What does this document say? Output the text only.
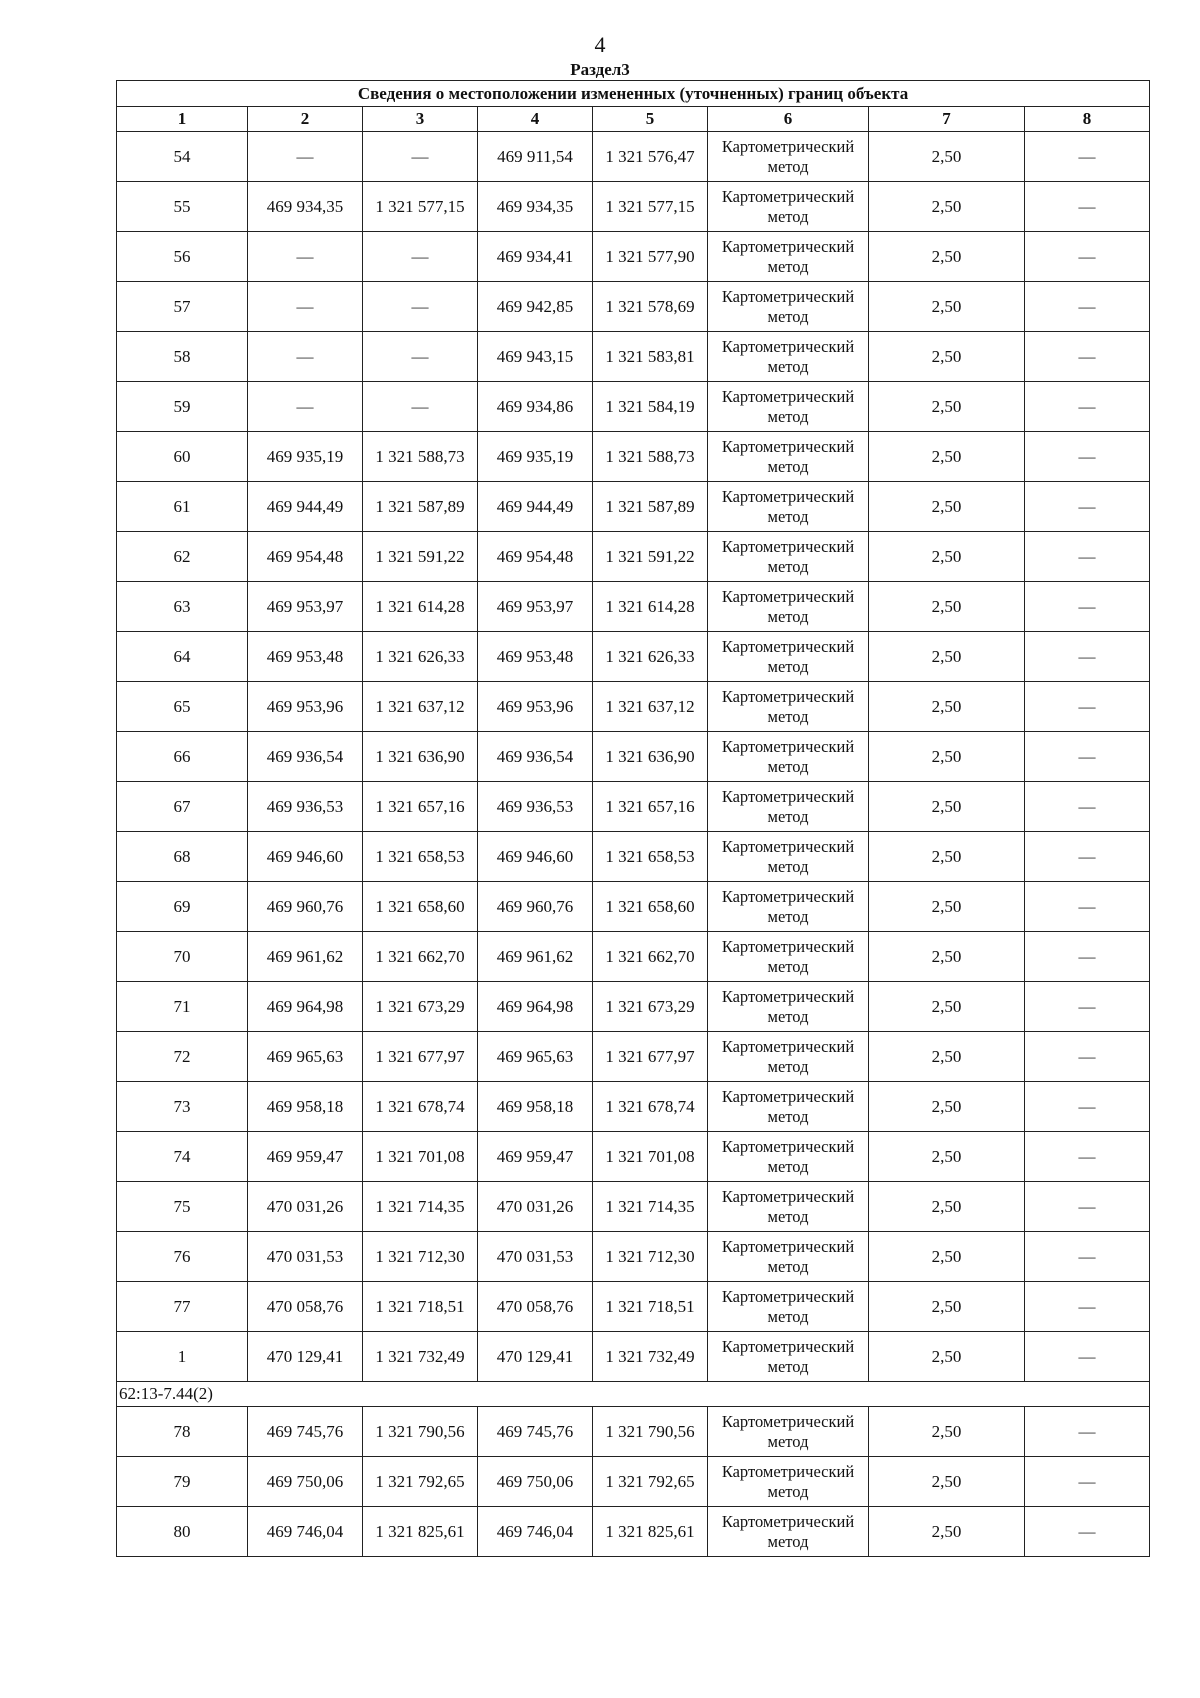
4
Раздел3
Сведения о местоположении измененных (уточненных) границ объекта							
1	2	3	4	5	6	7	8
54	—	—	469 911,54	1 321 576,47	Картометрический метод	2,50	—
55	469 934,35	1 321 577,15	469 934,35	1 321 577,15	Картометрический метод	2,50	—
56	—	—	469 934,41	1 321 577,90	Картометрический метод	2,50	—
57	—	—	469 942,85	1 321 578,69	Картометрический метод	2,50	—
58	—	—	469 943,15	1 321 583,81	Картометрический метод	2,50	—
59	—	—	469 934,86	1 321 584,19	Картометрический метод	2,50	—
60	469 935,19	1 321 588,73	469 935,19	1 321 588,73	Картометрический метод	2,50	—
61	469 944,49	1 321 587,89	469 944,49	1 321 587,89	Картометрический метод	2,50	—
62	469 954,48	1 321 591,22	469 954,48	1 321 591,22	Картометрический метод	2,50	—
63	469 953,97	1 321 614,28	469 953,97	1 321 614,28	Картометрический метод	2,50	—
64	469 953,48	1 321 626,33	469 953,48	1 321 626,33	Картометрический метод	2,50	—
65	469 953,96	1 321 637,12	469 953,96	1 321 637,12	Картометрический метод	2,50	—
66	469 936,54	1 321 636,90	469 936,54	1 321 636,90	Картометрический метод	2,50	—
67	469 936,53	1 321 657,16	469 936,53	1 321 657,16	Картометрический метод	2,50	—
68	469 946,60	1 321 658,53	469 946,60	1 321 658,53	Картометрический метод	2,50	—
69	469 960,76	1 321 658,60	469 960,76	1 321 658,60	Картометрический метод	2,50	—
70	469 961,62	1 321 662,70	469 961,62	1 321 662,70	Картометрический метод	2,50	—
71	469 964,98	1 321 673,29	469 964,98	1 321 673,29	Картометрический метод	2,50	—
72	469 965,63	1 321 677,97	469 965,63	1 321 677,97	Картометрический метод	2,50	—
73	469 958,18	1 321 678,74	469 958,18	1 321 678,74	Картометрический метод	2,50	—
74	469 959,47	1 321 701,08	469 959,47	1 321 701,08	Картометрический метод	2,50	—
75	470 031,26	1 321 714,35	470 031,26	1 321 714,35	Картометрический метод	2,50	—
76	470 031,53	1 321 712,30	470 031,53	1 321 712,30	Картометрический метод	2,50	—
77	470 058,76	1 321 718,51	470 058,76	1 321 718,51	Картометрический метод	2,50	—
1	470 129,41	1 321 732,49	470 129,41	1 321 732,49	Картометрический метод	2,50	—
62:13-7.44(2)							
78	469 745,76	1 321 790,56	469 745,76	1 321 790,56	Картометрический метод	2,50	—
79	469 750,06	1 321 792,65	469 750,06	1 321 792,65	Картометрический метод	2,50	—
80	469 746,04	1 321 825,61	469 746,04	1 321 825,61	Картометрический метод	2,50	—
